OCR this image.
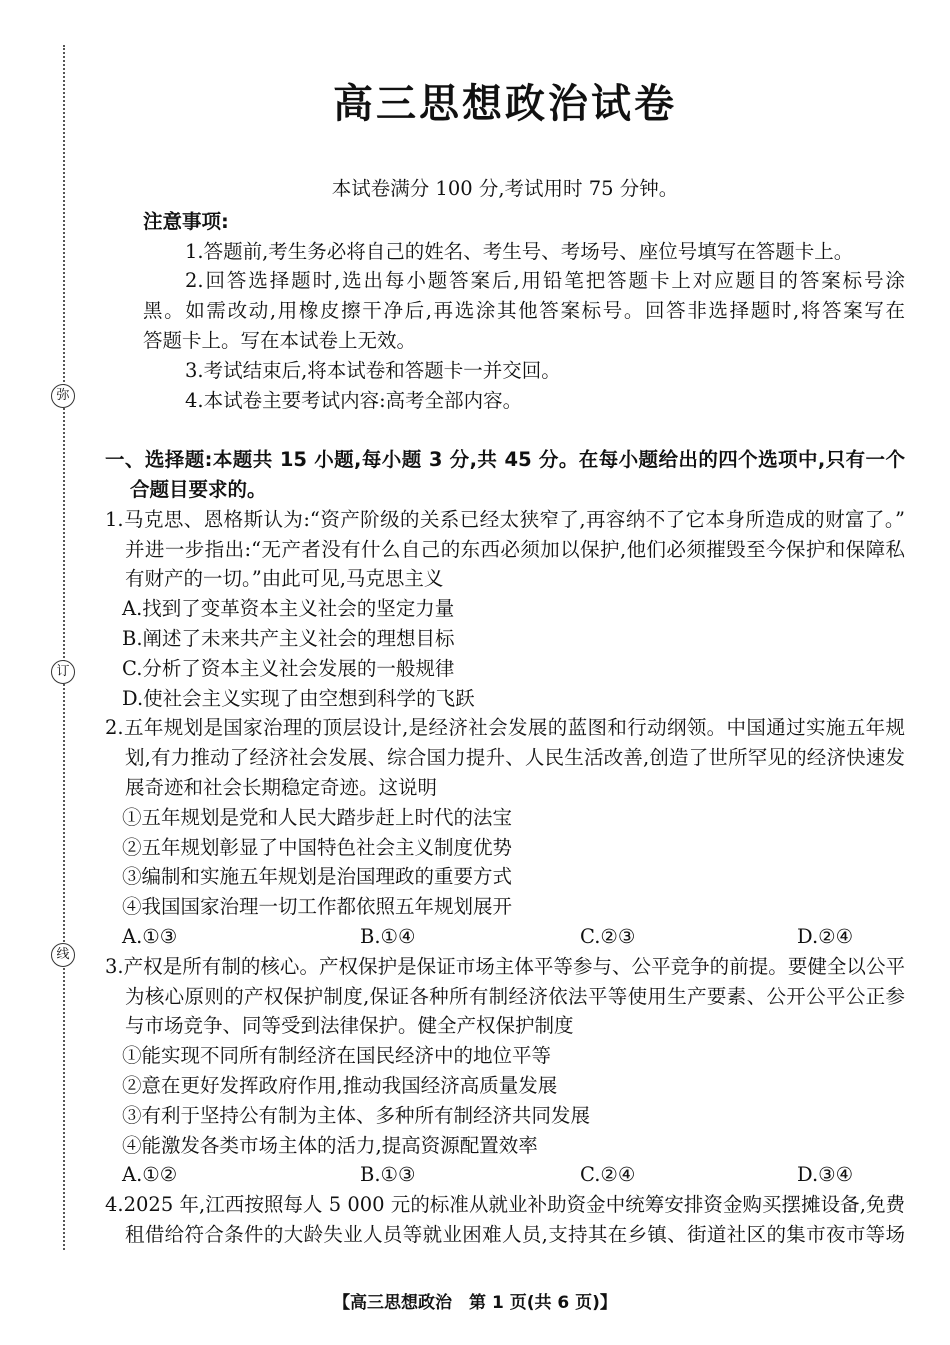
弥
订
线
高三思想政治试卷
本试卷满分 100 分,考试用时 75 分钟。
注意事项:
1.答题前,考生务必将自己的姓名、考生号、考场号、座位号填写在答题卡上。
2.回答选择题时,选出每小题答案后,用铅笔把答题卡上对应题目的答案标号涂
黑。如需改动,用橡皮擦干净后,再选涂其他答案标号。回答非选择题时,将答案写在
答题卡上。写在本试卷上无效。
3.考试结束后,将本试卷和答题卡一并交回。
4.本试卷主要考试内容:高考全部内容。
一、选择题:本题共 15 小题,每小题 3 分,共 45 分。在每小题给出的四个选项中,只有一个
合题目要求的。
1.马克思、恩格斯认为:“资产阶级的关系已经太狭窄了,再容纳不了它本身所造成的财富了。”
并进一步指出:“无产者没有什么自己的东西必须加以保护,他们必须摧毁至今保护和保障私
有财产的一切。”由此可见,马克思主义
A.找到了变革资本主义社会的坚定力量
B.阐述了未来共产主义社会的理想目标
C.分析了资本主义社会发展的一般规律
D.使社会主义实现了由空想到科学的飞跃
2.五年规划是国家治理的顶层设计,是经济社会发展的蓝图和行动纲领。中国通过实施五年规
划,有力推动了经济社会发展、综合国力提升、人民生活改善,创造了世所罕见的经济快速发
展奇迹和社会长期稳定奇迹。这说明
①五年规划是党和人民大踏步赶上时代的法宝
②五年规划彰显了中国特色社会主义制度优势
③编制和实施五年规划是治国理政的重要方式
④我国国家治理一切工作都依照五年规划展开
A.①③	B.①④	C.②③	D.②④
3.产权是所有制的核心。产权保护是保证市场主体平等参与、公平竞争的前提。要健全以公平
为核心原则的产权保护制度,保证各种所有制经济依法平等使用生产要素、公开公平公正参
与市场竞争、同等受到法律保护。健全产权保护制度
①能实现不同所有制经济在国民经济中的地位平等
②意在更好发挥政府作用,推动我国经济高质量发展
③有利于坚持公有制为主体、多种所有制经济共同发展
④能激发各类市场主体的活力,提高资源配置效率
A.①②	B.①③	C.②④	D.③④
4.2025 年,江西按照每人 5 000 元的标准从就业补助资金中统筹安排资金购买摆摊设备,免费
租借给符合条件的大龄失业人员等就业困难人员,支持其在乡镇、街道社区的集市夜市等场
【高三思想政治　第 1 页(共 6 页)】
